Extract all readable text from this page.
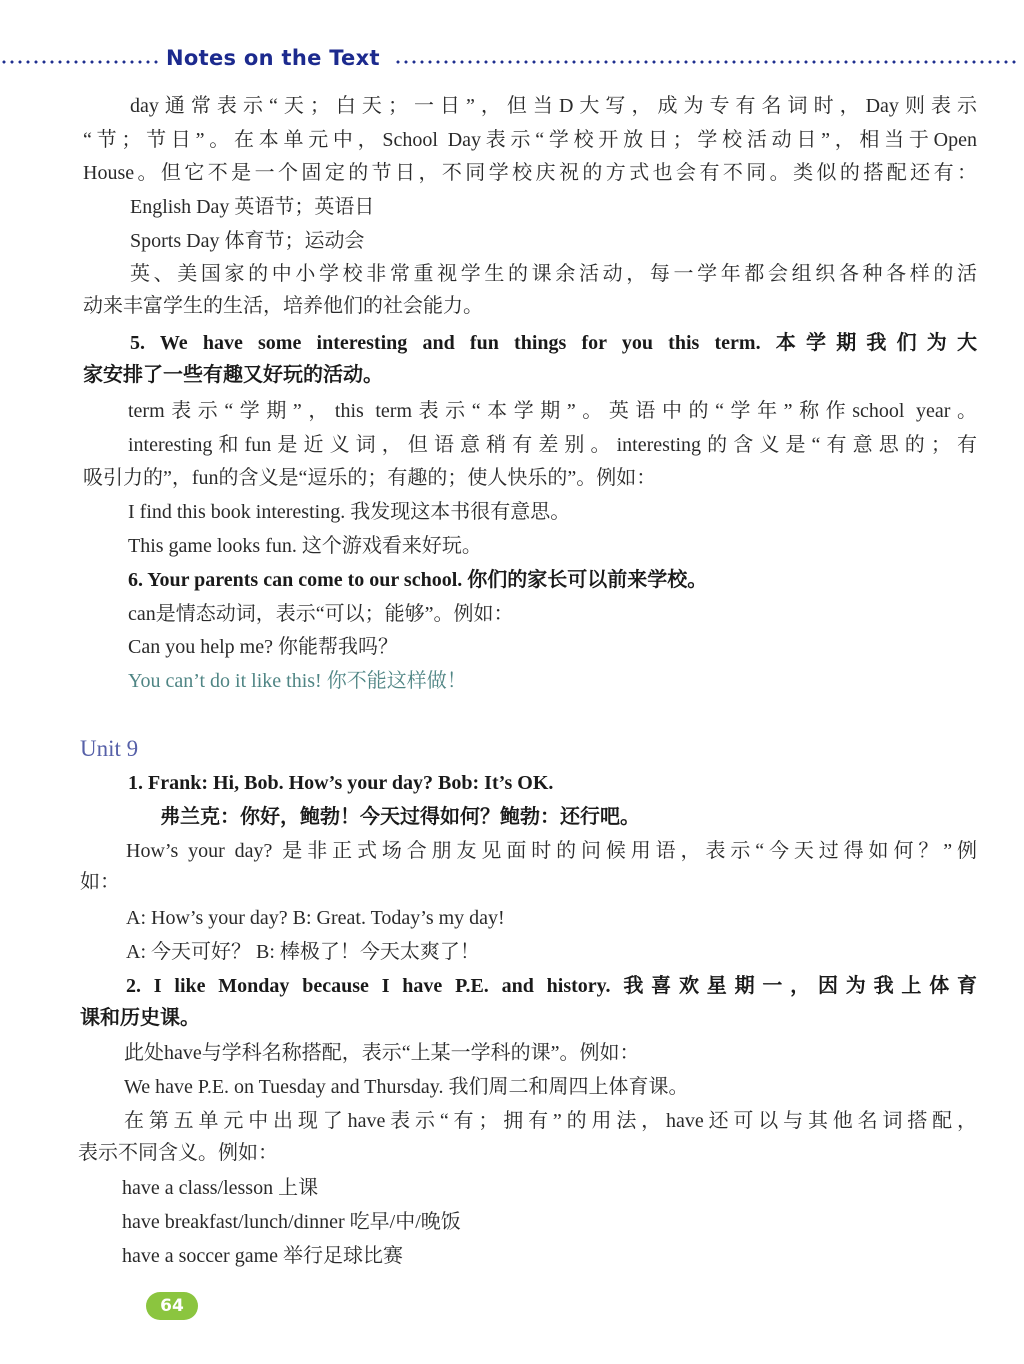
Notes on the Text
day通常表示“天；白天；一日”，但当D大写，成为专有名词时，Day则表示
“节；节日”。在本单元中，School Day表示“学校开放日；学校活动日”，相当于Open
House。但它不是一个固定的节日，不同学校庆祝的方式也会有不同。类似的搭配还有：
English Day 英语节；英语日
Sports Day 体育节；运动会
英、美国家的中小学校非常重视学生的课余活动，每一学年都会组织各种各样的活
动来丰富学生的生活，培养他们的社会能力。
5. We have some interesting and fun things for you this term. 本学期我们为大
家安排了一些有趣又好玩的活动。
term表示“学期”，this term表示“本学期”。英语中的“学年”称作school year。
interesting和fun是近义词，但语意稍有差别。interesting的含义是“有意思的；有
吸引力的”，fun的含义是“逗乐的；有趣的；使人快乐的”。例如：
I find this book interesting. 我发现这本书很有意思。
This game looks fun. 这个游戏看来好玩。
6. Your parents can come to our school. 你们的家长可以前来学校。
can是情态动词，表示“可以；能够”。例如：
Can you help me? 你能帮我吗？
You can’t do it like this! 你不能这样做！
Unit 9
1. Frank: Hi, Bob. How’s your day? Bob: It’s OK.
弗兰克：你好，鲍勃！今天过得如何？鲍勃：还行吧。
How’s your day? 是非正式场合朋友见面时的问候用语，表示“今天过得如何？”例
如：
A: How’s your day? B: Great. Today’s my day!
A: 今天可好？ B: 棒极了！今天太爽了！
2. I like Monday because I have P.E. and history. 我喜欢星期一，因为我上体育
课和历史课。
此处have与学科名称搭配，表示“上某一学科的课”。例如：
We have P.E. on Tuesday and Thursday. 我们周二和周四上体育课。
在第五单元中出现了have表示“有；拥有”的用法，have还可以与其他名词搭配，
表示不同含义。例如：
have a class/lesson 上课
have breakfast/lunch/dinner 吃早/中/晚饭
have a soccer game 举行足球比赛
64
